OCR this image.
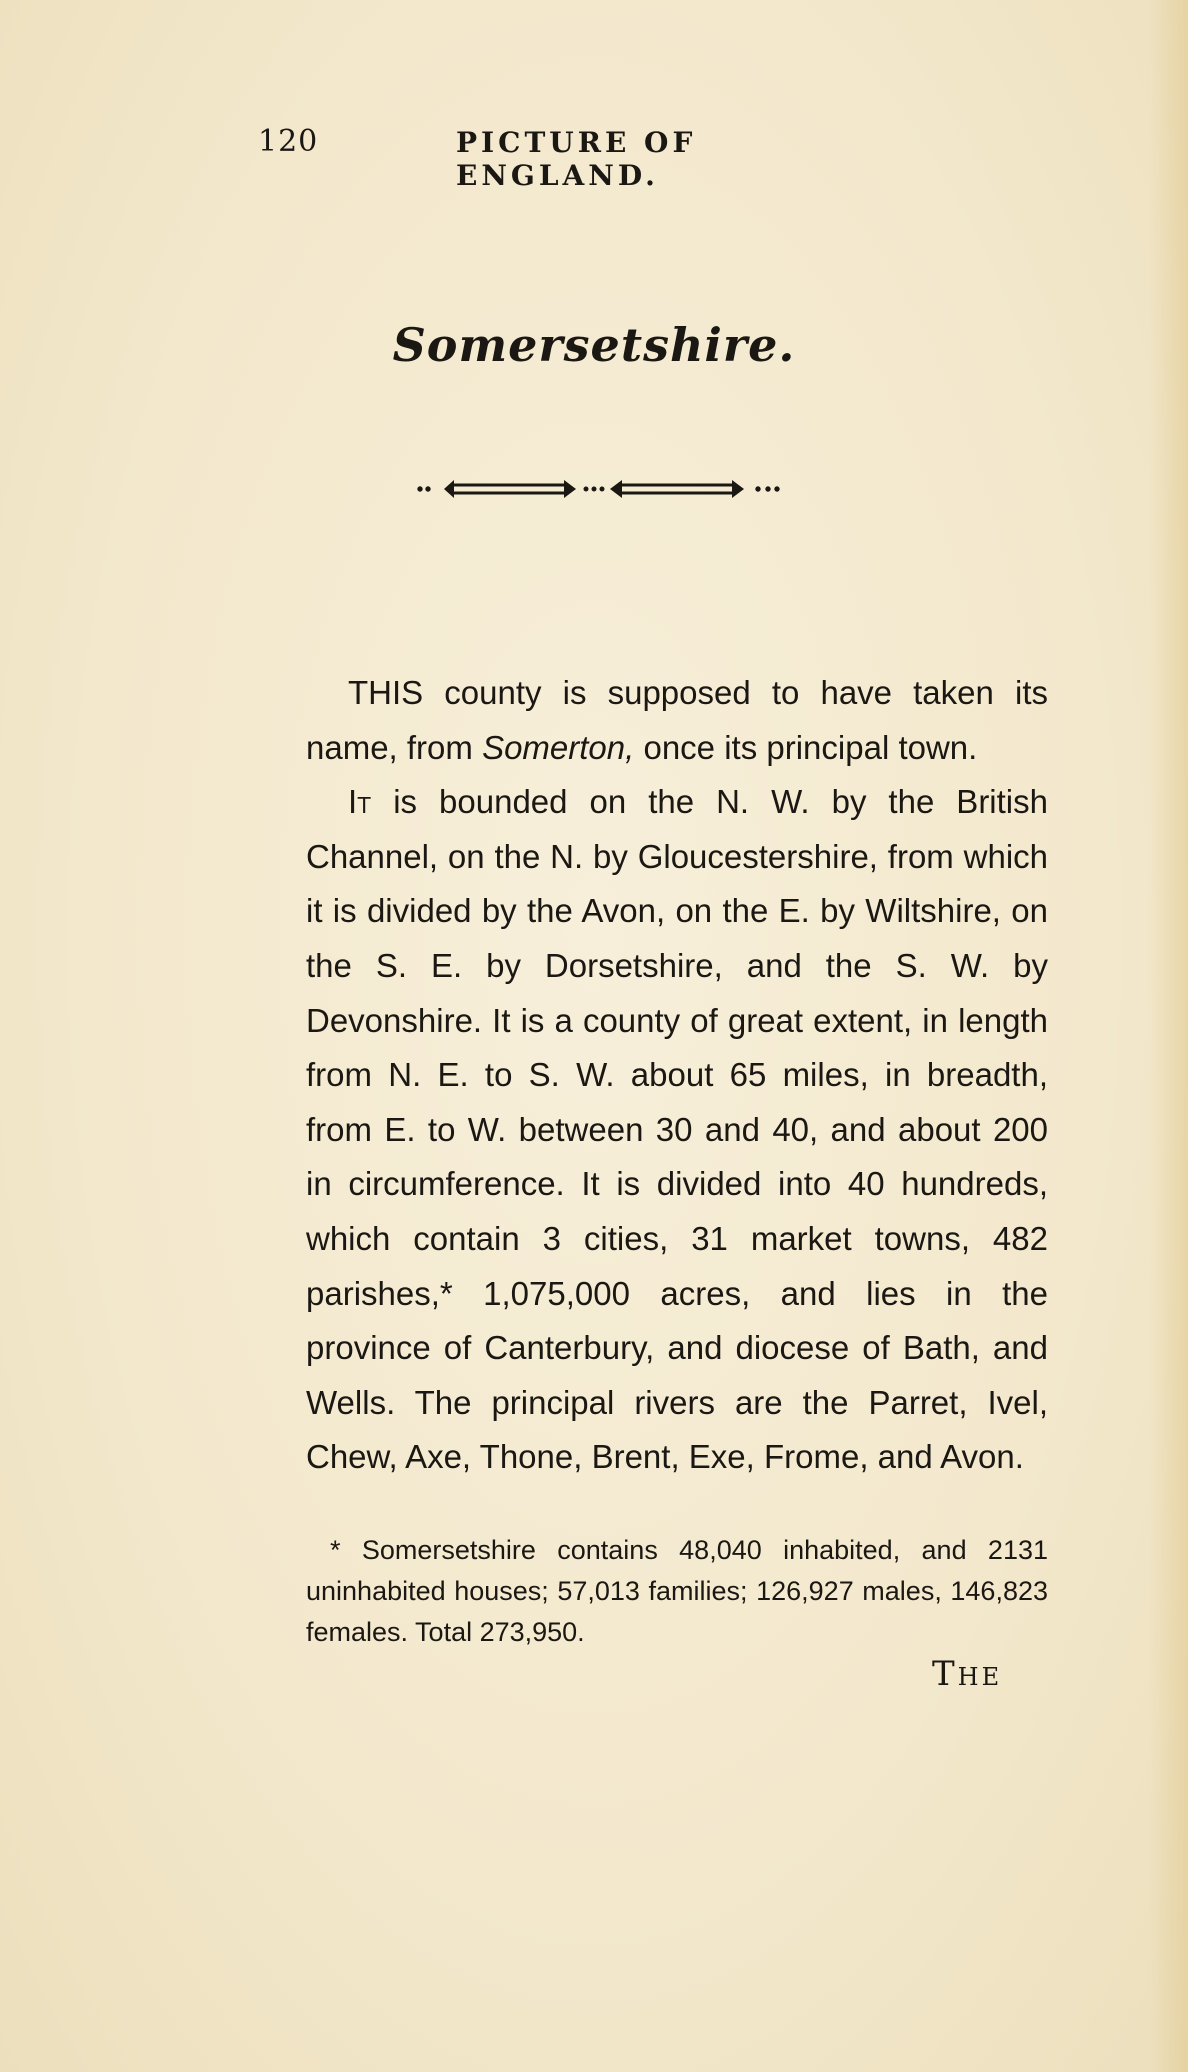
120	PICTURE OF ENGLAND.
Somersetshire.

THIS county is supposed to have taken its name, from Somerton, once its principal town.

It is bounded on the N. W. by the British Channel, on the N. by Gloucestershire, from which it is divided by the Avon, on the E. by Wiltshire, on the S. E. by Dorsetshire, and the S. W. by Devonshire. It is a county of great extent, in length from N. E. to S. W. about 65 miles, in breadth, from E. to W. between 30 and 40, and about 200 in circumference. It is divided into 40 hundreds, which contain 3 cities, 31 market towns, 482 parishes,* 1,075,000 acres, and lies in the province of Canterbury, and diocese of Bath, and Wells. The principal rivers are the Parret, Ivel, Chew, Axe, Thone, Brent, Exe, Frome, and Avon.

* Somersetshire contains 48,040 inhabited, and 2131 uninhabited houses; 57,013 families; 126,927 males, 146,823 females. Total 273,950.

The
